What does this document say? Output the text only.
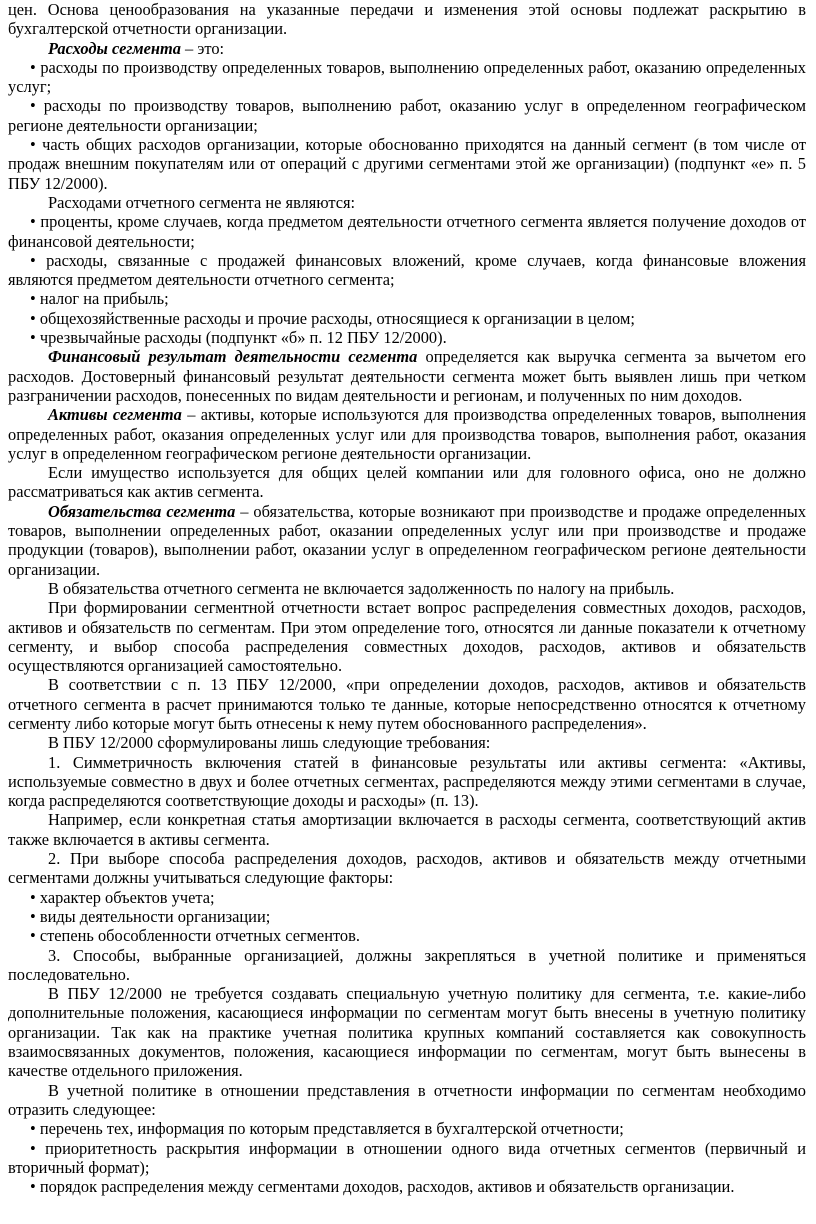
цен. Основа ценообразования на указанные передачи и изменения этой основы подлежат раскрытию в бухгалтерской отчетности организации.

Расходы сегмента – это:

• расходы по производству определенных товаров, выполнению определенных работ, оказанию определенных услуг;

• расходы по производству товаров, выполнению работ, оказанию услуг в определенном географическом регионе деятельности организации;

• часть общих расходов организации, которые обоснованно приходятся на данный сегмент (в том числе от продаж внешним покупателям или от операций с другими сегментами этой же организации) (подпункт «е» п. 5 ПБУ 12/2000).

Расходами отчетного сегмента не являются:

• проценты, кроме случаев, когда предметом деятельности отчетного сегмента является получение доходов от финансовой деятельности;

• расходы, связанные с продажей финансовых вложений, кроме случаев, когда финансовые вложения являются предметом деятельности отчетного сегмента;

• налог на прибыль;

• общехозяйственные расходы и прочие расходы, относящиеся к организации в целом;

• чрезвычайные расходы (подпункт «б» п. 12 ПБУ 12/2000).

Финансовый результат деятельности сегмента определяется как выручка сегмента за вычетом его расходов. Достоверный финансовый результат деятельности сегмента может быть выявлен лишь при четком разграничении расходов, понесенных по видам деятельности и регионам, и полученных по ним доходов.

Активы сегмента – активы, которые используются для производства определенных товаров, выполнения определенных работ, оказания определенных услуг или для производства товаров, выполнения работ, оказания услуг в определенном географическом регионе деятельности организации.

Если имущество используется для общих целей компании или для головного офиса, оно не должно рассматриваться как актив сегмента.

Обязательства сегмента – обязательства, которые возникают при производстве и продаже определенных товаров, выполнении определенных работ, оказании определенных услуг или при производстве и продаже продукции (товаров), выполнении работ, оказании услуг в определенном географическом регионе деятельности организации.

В обязательства отчетного сегмента не включается задолженность по налогу на прибыль.

При формировании сегментной отчетности встает вопрос распределения совместных доходов, расходов, активов и обязательств по сегментам. При этом определение того, относятся ли данные показатели к отчетному сегменту, и выбор способа распределения совместных доходов, расходов, активов и обязательств осуществляются организацией самостоятельно.

В соответствии с п. 13 ПБУ 12/2000, «при определении доходов, расходов, активов и обязательств отчетного сегмента в расчет принимаются только те данные, которые непосредственно относятся к отчетному сегменту либо которые могут быть отнесены к нему путем обоснованного распределения».

В ПБУ 12/2000 сформулированы лишь следующие требования:

1. Симметричность включения статей в финансовые результаты или активы сегмента: «Активы, используемые совместно в двух и более отчетных сегментах, распределяются между этими сегментами в случае, когда распределяются соответствующие доходы и расходы» (п. 13).

Например, если конкретная статья амортизации включается в расходы сегмента, соответствующий актив также включается в активы сегмента.

2. При выборе способа распределения доходов, расходов, активов и обязательств между отчетными сегментами должны учитываться следующие факторы:

• характер объектов учета;

• виды деятельности организации;

• степень обособленности отчетных сегментов.

3. Способы, выбранные организацией, должны закрепляться в учетной политике и применяться последовательно.

В ПБУ 12/2000 не требуется создавать специальную учетную политику для сегмента, т.е. какие-либо дополнительные положения, касающиеся информации по сегментам могут быть внесены в учетную политику организации. Так как на практике учетная политика крупных компаний составляется как совокупность взаимосвязанных документов, положения, касающиеся информации по сегментам, могут быть вынесены в качестве отдельного приложения.

В учетной политике в отношении представления в отчетности информации по сегментам необходимо отразить следующее:

• перечень тех, информация по которым представляется в бухгалтерской отчетности;

• приоритетность раскрытия информации в отношении одного вида отчетных сегментов (первичный и вторичный формат);

• порядок распределения между сегментами доходов, расходов, активов и обязательств организации.
